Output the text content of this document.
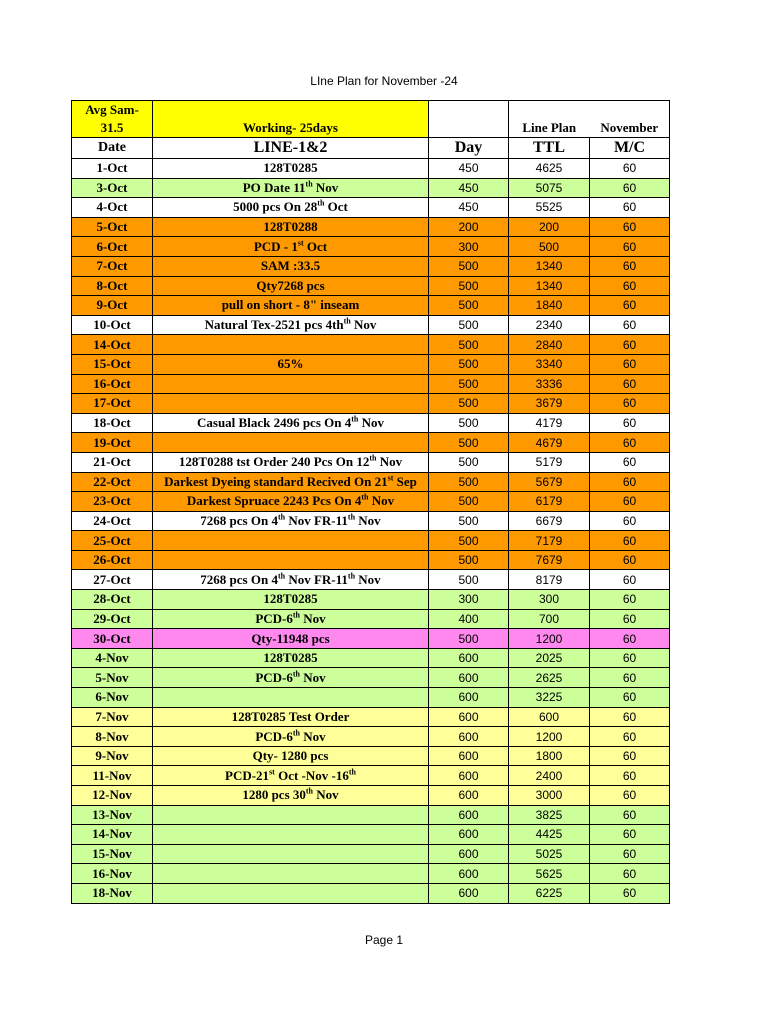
LIne Plan for November -24
Avg Sam-
31.5	Working- 25days		Line Plan	November
Date	LINE-1&2	Day	TTL	M/C
1-Oct	128T0285	450	4625	60
3-Oct	PO Date 11th Nov	450	5075	60
4-Oct	5000 pcs On 28th Oct	450	5525	60
5-Oct	128T0288	200	200	60
6-Oct	PCD - 1st Oct	300	500	60
7-Oct	SAM :33.5	500	1340	60
8-Oct	Qty7268 pcs	500	1340	60
9-Oct	pull on short - 8" inseam	500	1840	60
10-Oct	Natural Tex-2521 pcs $4th^{th}$ Nov	500	2340	60
14-Oct		500	2840	60
15-Oct	65%	500	3340	60
16-Oct		500	3336	60
17-Oct		500	3679	60
18-Oct	Casual Black 2496 pcs On 4th Nov	500	4179	60
19-Oct		500	4679	60
21-Oct	128T0288 tst Order 240 Pcs On 12th Nov	500	5179	60
22-Oct	Darkest Dyeing standard Recived On 21st Sep	500	5679	60
23-Oct	Darkest Spruace 2243 Pcs On 4th Nov	500	6179	60
24-Oct	7268 pcs On 4th Nov FR-11th Nov	500	6679	60
25-Oct		500	7179	60
26-Oct		500	7679	60
27-Oct	7268 pcs On 4th Nov FR-11th Nov	500	8179	60
28-Oct	128T0285	300	300	60
29-Oct	PCD-6th Nov	400	700	60
30-Oct	Qty-11948 pcs	500	1200	60
4-Nov	128T0285	600	2025	60
5-Nov	PCD-6th Nov	600	2625	60
6-Nov		600	3225	60
7-Nov	128T0285 Test Order	600	600	60
8-Nov	PCD-6th Nov	600	1200	60
9-Nov	Qty- 1280 pcs	600	1800	60
11-Nov	PCD-21st Oct -Nov -16th	600	2400	60
12-Nov	1280 pcs 30th Nov	600	3000	60
13-Nov		600	3825	60
14-Nov		600	4425	60
15-Nov		600	5025	60
16-Nov		600	5625	60
18-Nov		600	6225	60
Page 1
